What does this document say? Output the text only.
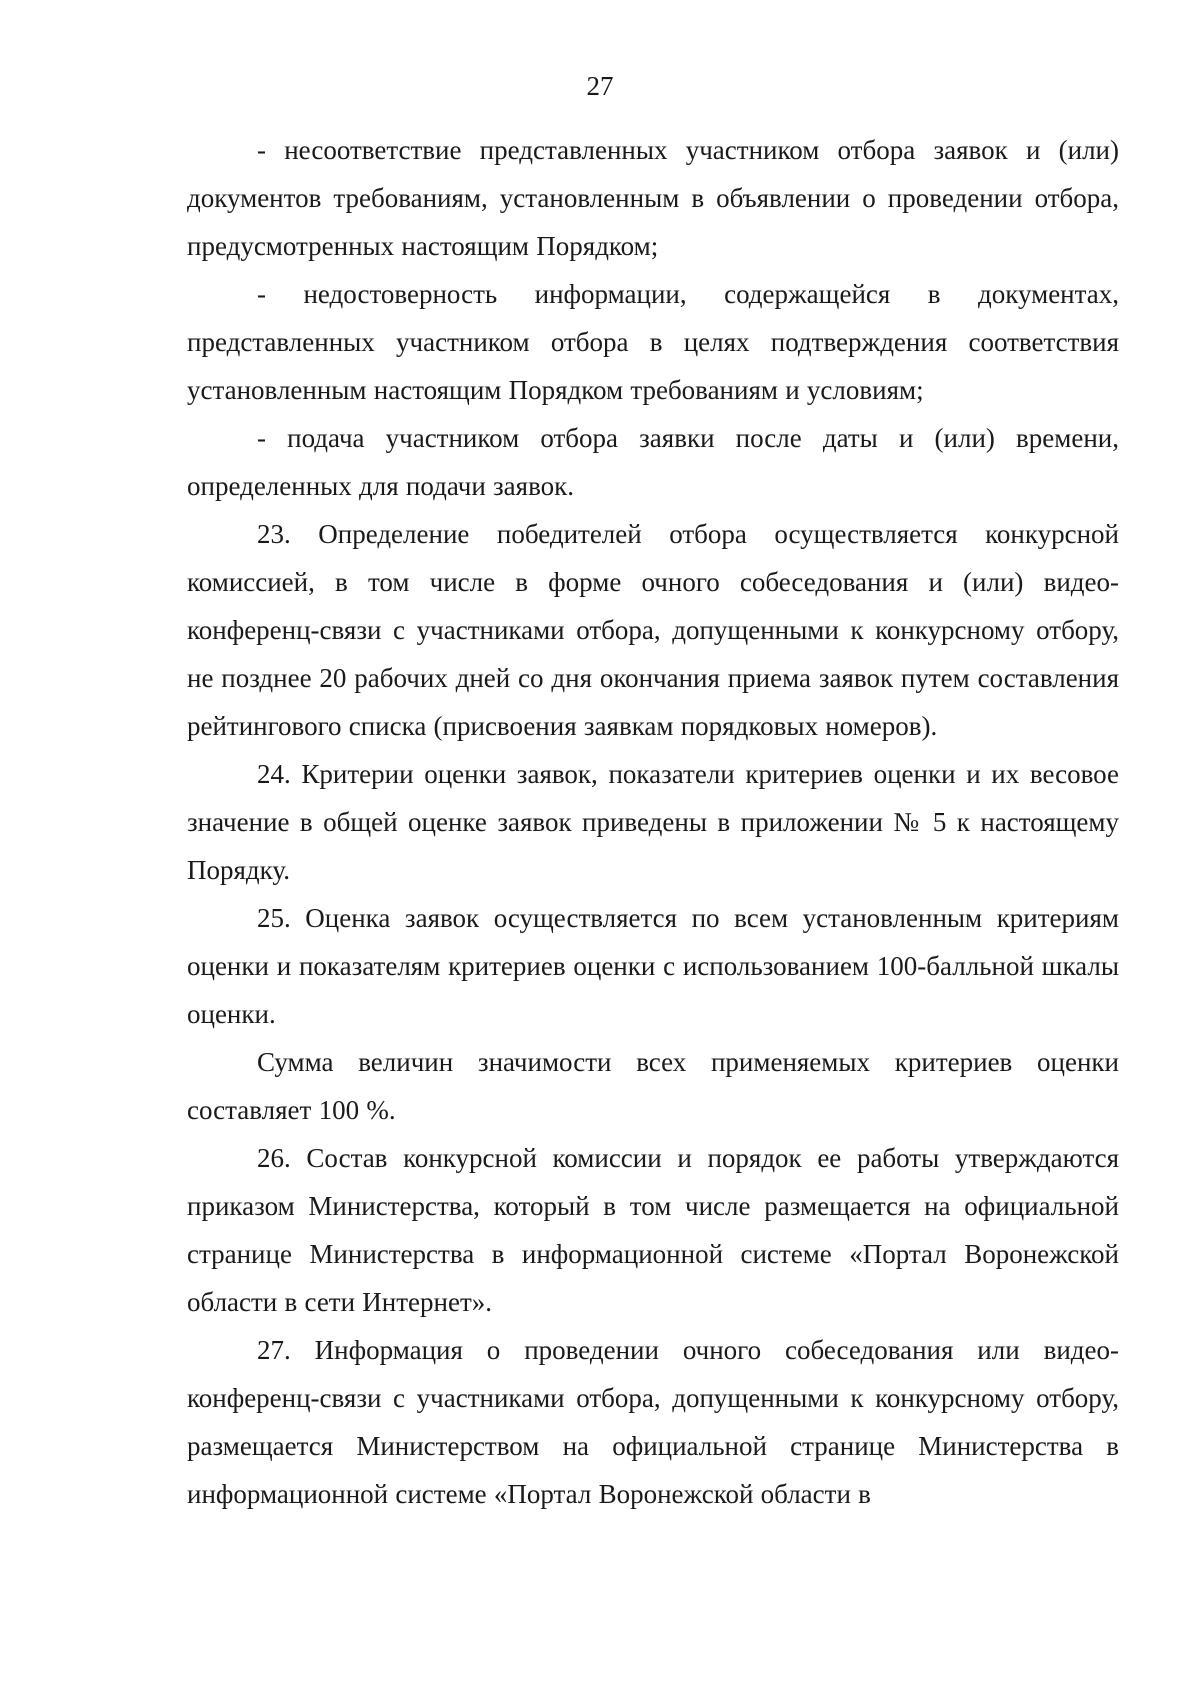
27

- несоответствие представленных участником отбора заявок и (или) документов требованиям, установленным в объявлении о проведении отбора, предусмотренных настоящим Порядком;

- недостоверность информации, содержащейся в документах, представленных участником отбора в целях подтверждения соответствия установленным настоящим Порядком требованиям и условиям;

- подача участником отбора заявки после даты и (или) времени, определенных для подачи заявок.

23. Определение победителей отбора осуществляется конкурсной комиссией, в том числе в форме очного собеседования и (или) видео-конференц-связи с участниками отбора, допущенными к конкурсному отбору, не позднее 20 рабочих дней со дня окончания приема заявок путем составления рейтингового списка (присвоения заявкам порядковых номеров).

24. Критерии оценки заявок, показатели критериев оценки и их весовое значение в общей оценке заявок приведены в приложении № 5 к настоящему Порядку.

25. Оценка заявок осуществляется по всем установленным критериям оценки и показателям критериев оценки с использованием 100-балльной шкалы оценки.

Сумма величин значимости всех применяемых критериев оценки составляет 100 %.

26. Состав конкурсной комиссии и порядок ее работы утверждаются приказом Министерства, который в том числе размещается на официальной странице Министерства в информационной системе «Портал Воронежской области в сети Интернет».

27. Информация о проведении очного собеседования или видео-конференц-связи с участниками отбора, допущенными к конкурсному отбору, размещается Министерством на официальной странице Министерства в информационной системе «Портал Воронежской области в
